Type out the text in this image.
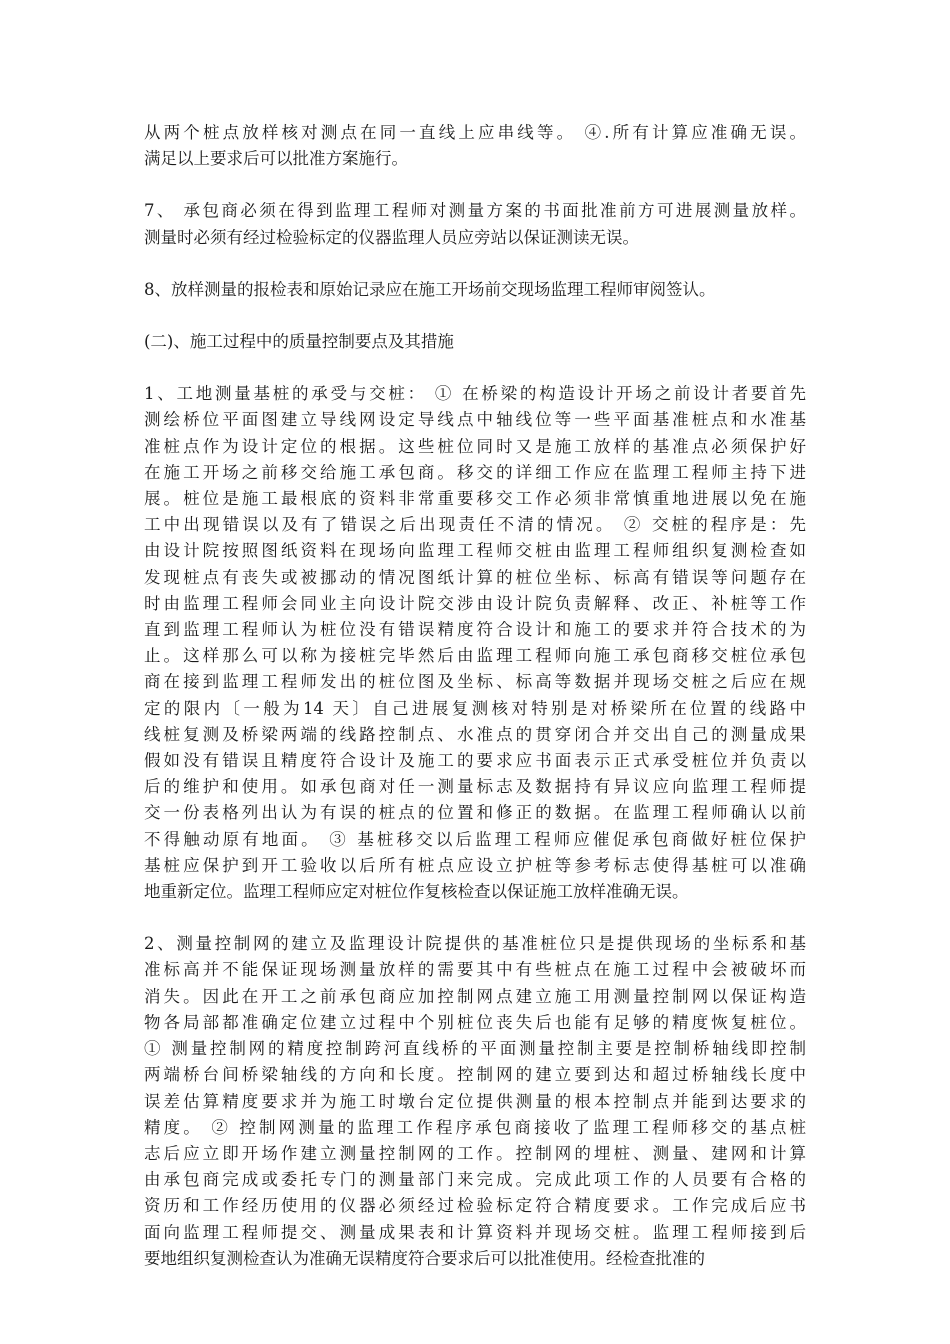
从两个桩点放样核对测点在同一直线上应串线等。 ④.所有计算应准确无误。
满足以上要求后可以批准方案施行。
7、 承包商必须在得到监理工程师对测量方案的书面批准前方可进展测量放样。
测量时必须有经过检验标定的仪器监理人员应旁站以保证测读无误。
8、放样测量的报检表和原始记录应在施工开场前交现场监理工程师审阅签认。
(二)、施工过程中的质量控制要点及其措施
1、工地测量基桩的承受与交桩： ① 在桥梁的构造设计开场之前设计者要首先
测绘桥位平面图建立导线网设定导线点中轴线位等一些平面基准桩点和水准基
准桩点作为设计定位的根据。这些桩位同时又是施工放样的基准点必须保护好
在施工开场之前移交给施工承包商。移交的详细工作应在监理工程师主持下进
展。桩位是施工最根底的资料非常重要移交工作必须非常慎重地进展以免在施
工中出现错误以及有了错误之后出现责任不清的情况。 ② 交桩的程序是：先
由设计院按照图纸资料在现场向监理工程师交桩由监理工程师组织复测检查如
发现桩点有丧失或被挪动的情况图纸计算的桩位坐标、标高有错误等问题存在
时由监理工程师会同业主向设计院交涉由设计院负责解释、改正、补桩等工作
直到监理工程师认为桩位没有错误精度符合设计和施工的要求并符合技术的为
止。这样那么可以称为接桩完毕然后由监理工程师向施工承包商移交桩位承包
商在接到监理工程师发出的桩位图及坐标、标高等数据并现场交桩之后应在规
定的限内〔一般为14 天〕自己进展复测核对特别是对桥梁所在位置的线路中
线桩复测及桥梁两端的线路控制点、水准点的贯穿闭合并交出自己的测量成果
假如没有错误且精度符合设计及施工的要求应书面表示正式承受桩位并负责以
后的维护和使用。如承包商对任一测量标志及数据持有异议应向监理工程师提
交一份表格列出认为有误的桩点的位置和修正的数据。在监理工程师确认以前
不得触动原有地面。 ③ 基桩移交以后监理工程师应催促承包商做好桩位保护
基桩应保护到开工验收以后所有桩点应设立护桩等参考标志使得基桩可以准确
地重新定位。监理工程师应定对桩位作复核检查以保证施工放样准确无误。
2、测量控制网的建立及监理设计院提供的基准桩位只是提供现场的坐标系和基
准标高并不能保证现场测量放样的需要其中有些桩点在施工过程中会被破坏而
消失。因此在开工之前承包商应加控制网点建立施工用测量控制网以保证构造
物各局部都准确定位建立过程中个别桩位丧失后也能有足够的精度恢复桩位。
① 测量控制网的精度控制跨河直线桥的平面测量控制主要是控制桥轴线即控制
两端桥台间桥梁轴线的方向和长度。控制网的建立要到达和超过桥轴线长度中
误差估算精度要求并为施工时墩台定位提供测量的根本控制点并能到达要求的
精度。 ② 控制网测量的监理工作程序承包商接收了监理工程师移交的基点桩
志后应立即开场作建立测量控制网的工作。控制网的埋桩、测量、建网和计算
由承包商完成或委托专门的测量部门来完成。完成此项工作的人员要有合格的
资历和工作经历使用的仪器必须经过检验标定符合精度要求。工作完成后应书
面向监理工程师提交、测量成果表和计算资料并现场交桩。监理工程师接到后
要地组织复测检查认为准确无误精度符合要求后可以批准使用。经检查批准的
